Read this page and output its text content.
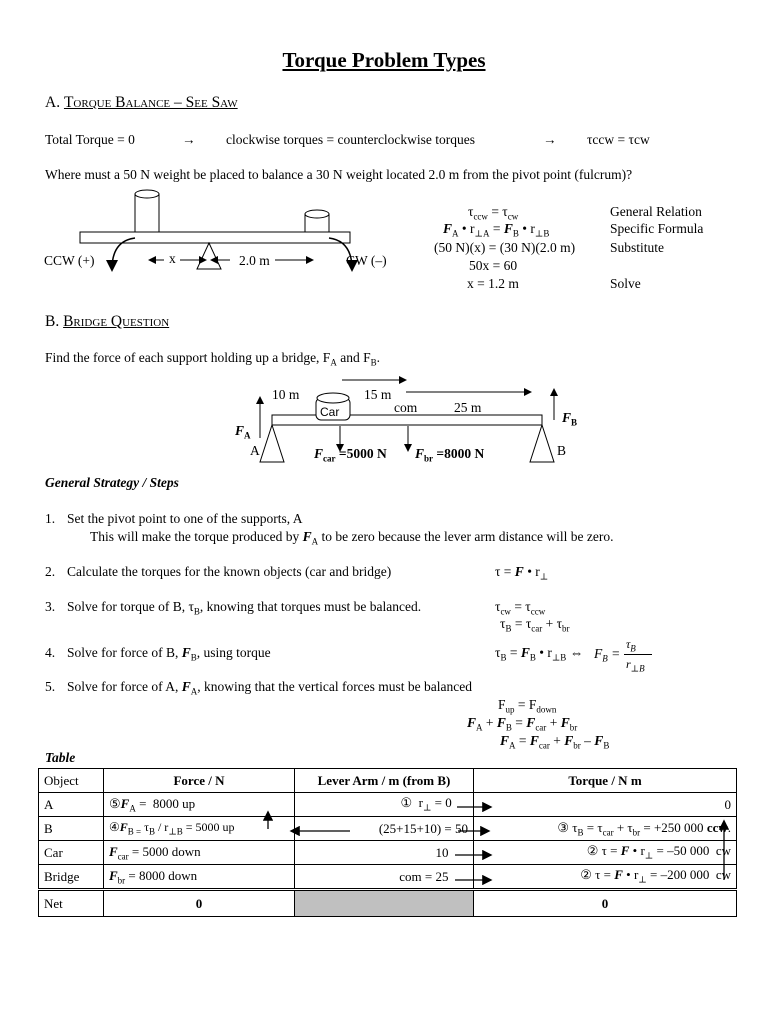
Torque Problem Types
A. Torque Balance – See Saw
Total Torque = 0	→ clockwise torques = counterclockwise torques	→ τccw = τcw
Where must a 50 N weight be placed to balance a 30 N weight located 2.0 m from the pivot point (fulcrum)?
CCW (+)	CW (–)
x	2.0 m
$\tau_{ccw} = \tau_{cw}$	General Relation
$F_A$ • $r_{\perp A} = F_B$ • $r_{\perp B}$	Specific Formula
(50 N)(x) = (30 N)(2.0 m)	Substitute
50x = 60
x = 1.2 m	Solve
B. Bridge Question
Find the force of each support holding up a bridge, $F_A$ and $F_B$.
10 m	15 m
com	25 m
Car
$F_A$
$F_B$
A	B
$F_{car} =5000$ N $F_{br} =8000$ N
General Strategy / Steps
1. Set the pivot point to one of the supports, A
This will make the torque produced by $F_A$ to be zero because the lever arm distance will be zero.
2. Calculate the torques for the known objects (car and bridge)	τ = F • $r_\perp$
3. Solve for torque of B, $\tau_B$, knowing that torques must be balanced.	$\tau_{cw} = \tau_{ccw}$
$\tau_B = \tau_{car} + \tau_{br}$
4. Solve for force of B, $F_B$, using torque	$\tau_B = F_B$ • $r_{\perp B}$ ⇔ $F_B$ =
$\tau_B$
$r_{\perp B}$
5. Solve for force of A, $F_A$, knowing that the vertical forces must be balanced
$F_{up} = F_{down}$
$F_A + F_B = F_{car} + F_{br}$
$F_A = F_{car} + F_{br} - F_B$
Table
Object	Force / N	Lever Arm / m (from B)	Torque / N m
A	$⑤F_A = 8000$ up	①  $r_\perp = 0$	0
B	$④F_{B =}$ $\tau_B / r_{\perp B} = 5000$ up	(25+15+10) = 50	③ $\tau_B = \tau_{car} + \tau_{br} = +250$ 000 ccw.
Car	$F_{car} = 5000$ down	10	② τ = F • $r_\perp = -50$ 000  cw
Bridge	$F_{br} = 8000$ down	com = 25	② τ = F • $r_\perp = -200$ 000  cw
Net	0		0
